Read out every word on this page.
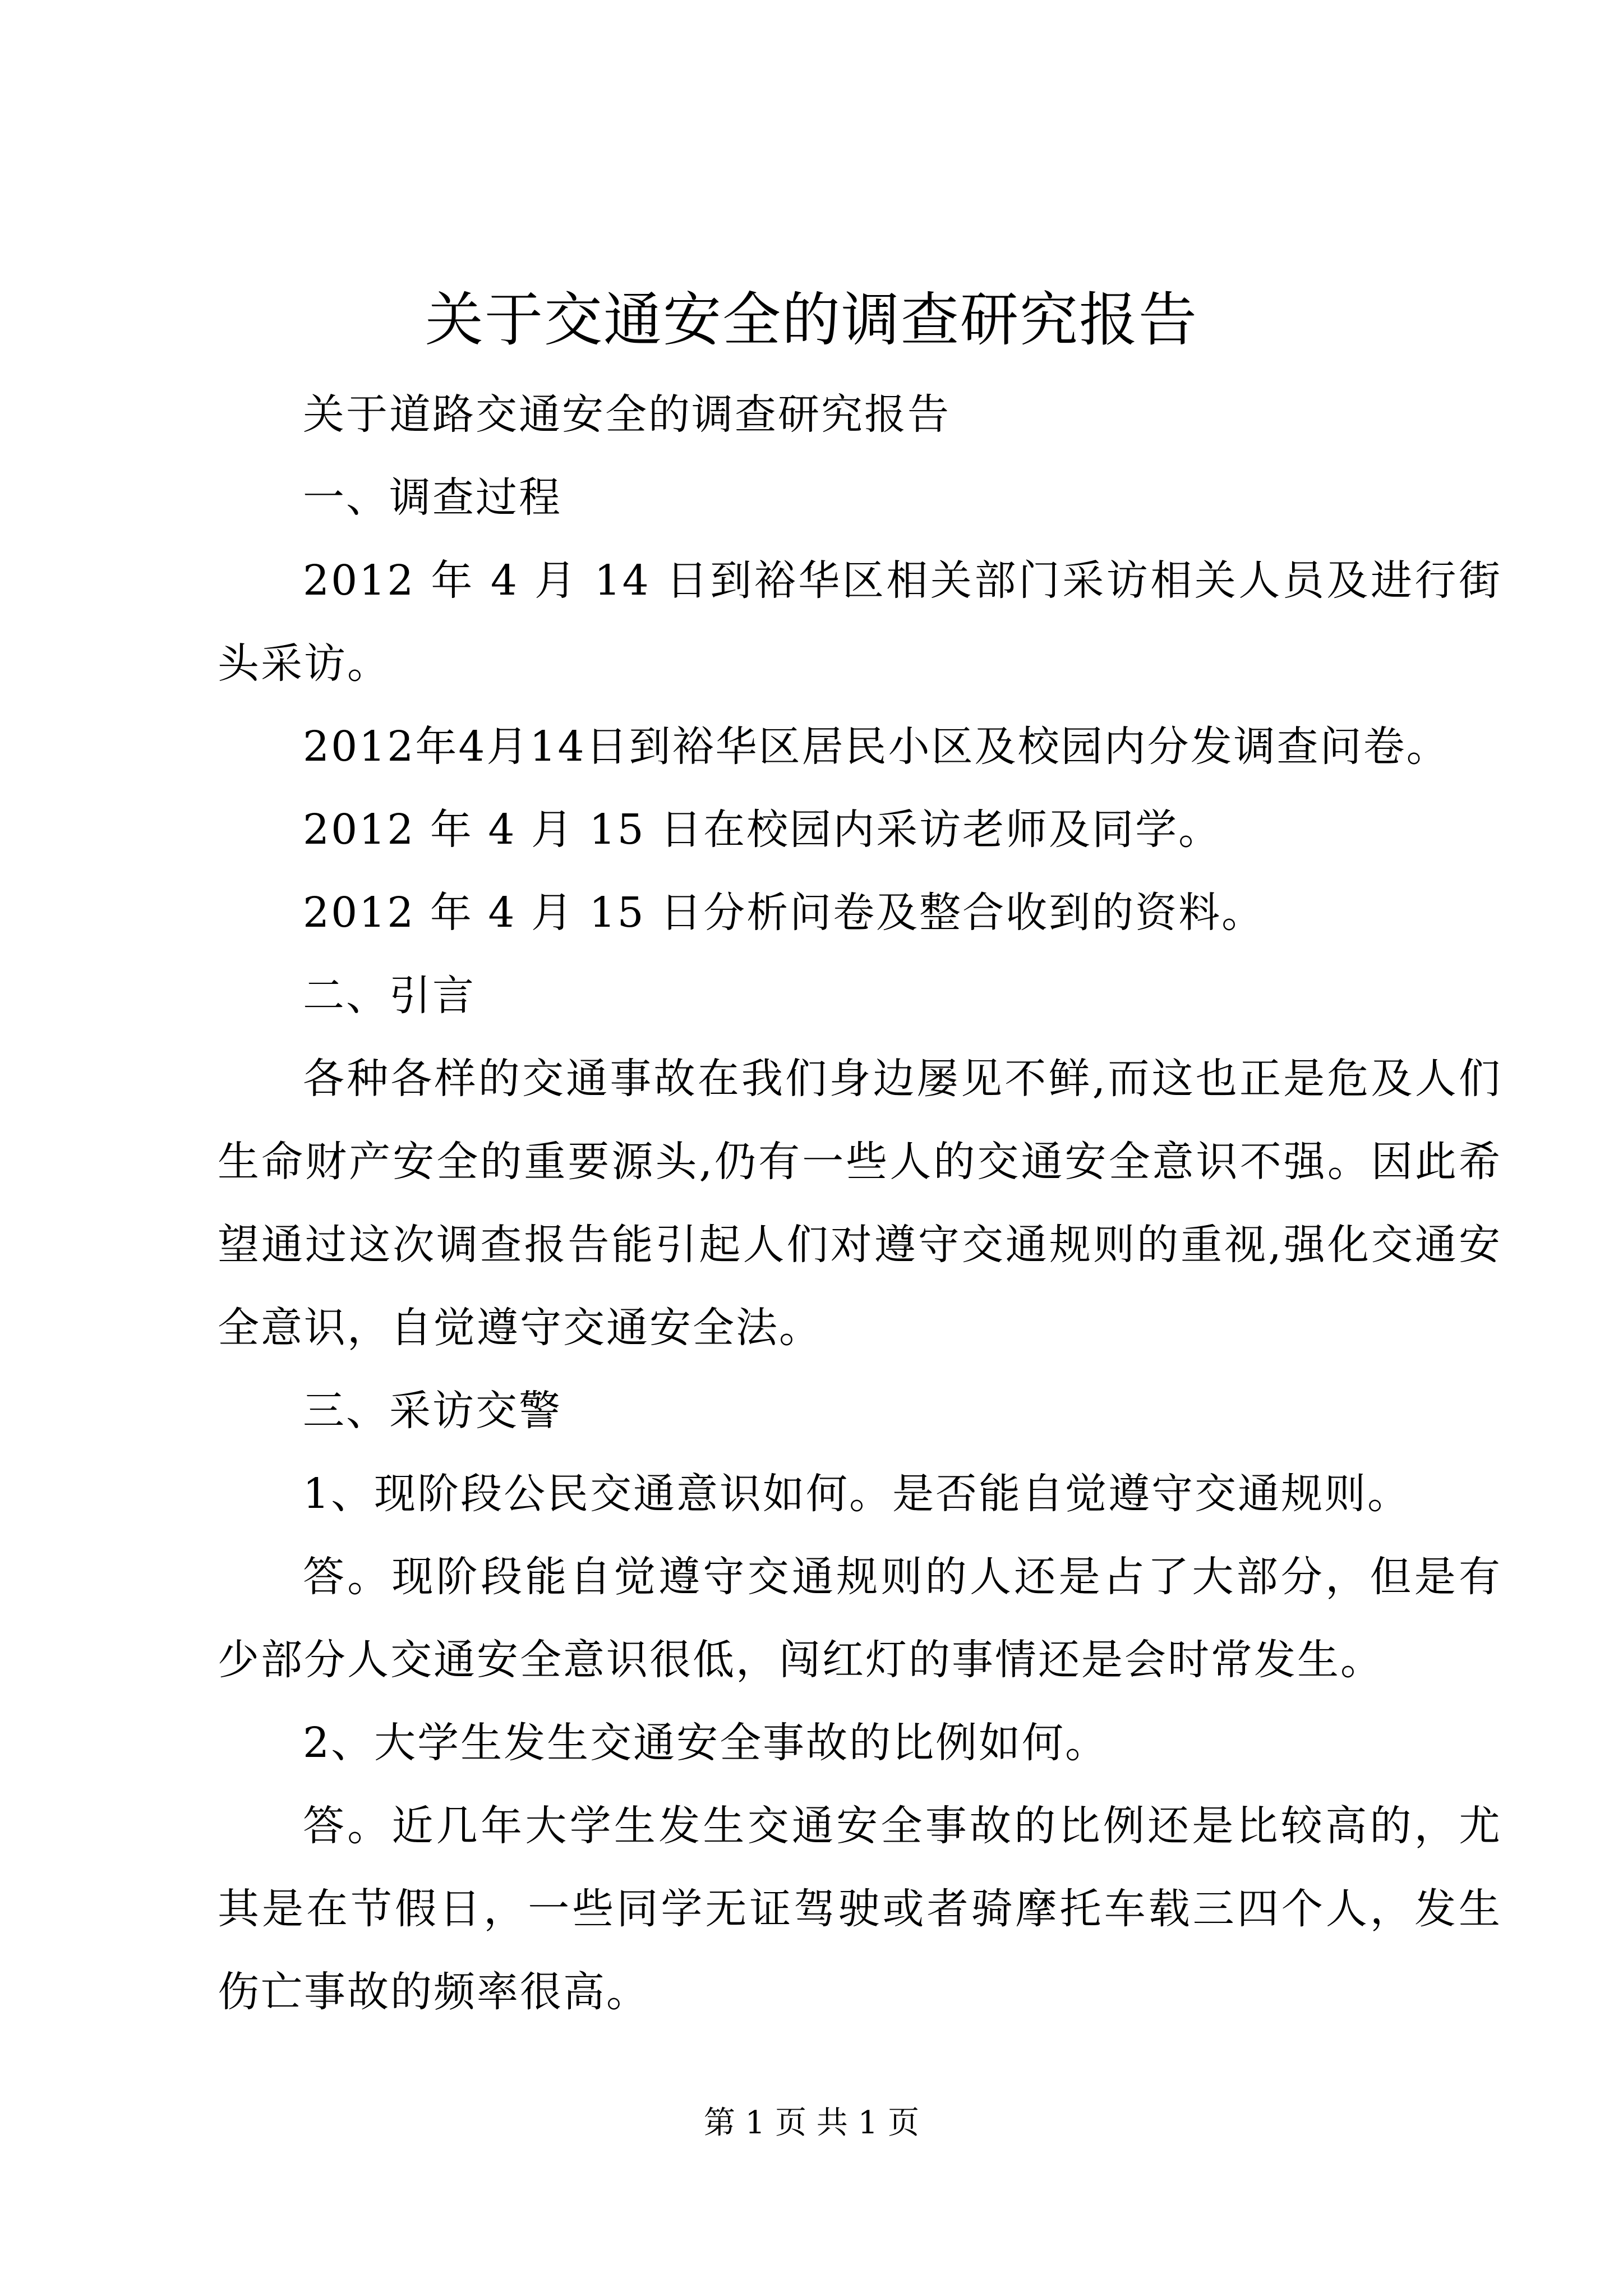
关于交通安全的调查研究报告

关于道路交通安全的调查研究报告

一、调查过程

2012 年 4 月 14 日到裕华区相关部门采访相关人员及进行街头采访。

2012年4月14日到裕华区居民小区及校园内分发调查问卷。

2012 年 4 月 15 日在校园内采访老师及同学。

2012 年 4 月 15 日分析问卷及整合收到的资料。

二、引言

各种各样的交通事故在我们身边屡见不鲜,而这也正是危及人们生命财产安全的重要源头,仍有一些人的交通安全意识不强。因此希望通过这次调查报告能引起人们对遵守交通规则的重视,强化交通安全意识，自觉遵守交通安全法。

三、采访交警

1、现阶段公民交通意识如何。是否能自觉遵守交通规则。

答。现阶段能自觉遵守交通规则的人还是占了大部分，但是有少部分人交通安全意识很低，闯红灯的事情还是会时常发生。

2、大学生发生交通安全事故的比例如何。

答。近几年大学生发生交通安全事故的比例还是比较高的，尤其是在节假日，一些同学无证驾驶或者骑摩托车载三四个人，发生伤亡事故的频率很高。

第 1 页 共 1 页
